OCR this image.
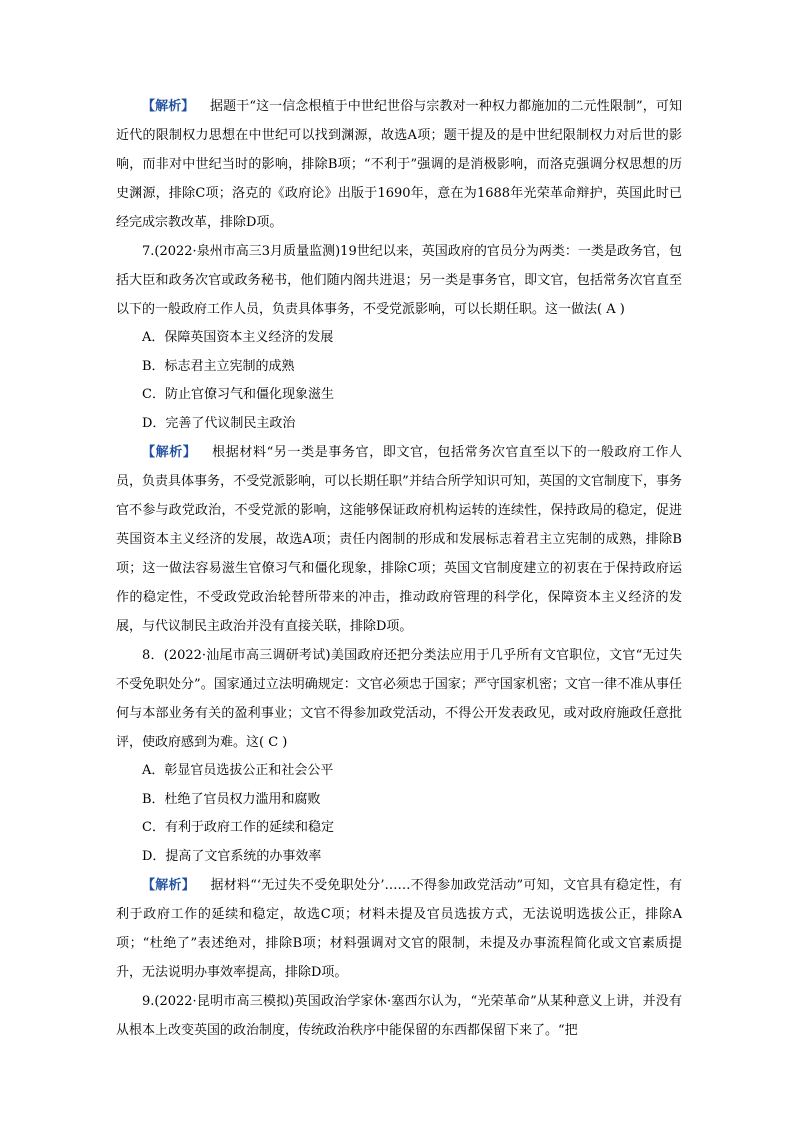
【解析】 据题干“这一信念根植于中世纪世俗与宗教对一种权力都施加的二元性限制”，可知近代的限制权力思想在中世纪可以找到渊源，故选A项；题干提及的是中世纪限制权力对后世的影响，而非对中世纪当时的影响，排除B项；“不利于”强调的是消极影响，而洛克强调分权思想的历史渊源，排除C项；洛克的《政府论》出版于1690年，意在为1688年光荣革命辩护，英国此时已经完成宗教改革，排除D项。

7.(2022·泉州市高三3月质量监测)19世纪以来，英国政府的官员分为两类：一类是政务官，包括大臣和政务次官或政务秘书，他们随内阁共进退；另一类是事务官，即文官，包括常务次官直至以下的一般政府工作人员，负责具体事务，不受党派影响，可以长期任职。这一做法( A )

A．保障英国资本主义经济的发展

B．标志君主立宪制的成熟

C．防止官僚习气和僵化现象滋生

D．完善了代议制民主政治

【解析】 根据材料“另一类是事务官，即文官，包括常务次官直至以下的一般政府工作人员，负责具体事务，不受党派影响，可以长期任职”并结合所学知识可知，英国的文官制度下，事务官不参与政党政治，不受党派的影响，这能够保证政府机构运转的连续性，保持政局的稳定，促进英国资本主义经济的发展，故选A项；责任内阁制的形成和发展标志着君主立宪制的成熟，排除B项；这一做法容易滋生官僚习气和僵化现象，排除C项；英国文官制度建立的初衷在于保持政府运作的稳定性，不受政党政治轮替所带来的冲击，推动政府管理的科学化，保障资本主义经济的发展，与代议制民主政治并没有直接关联，排除D项。

8．(2022·汕尾市高三调研考试)美国政府还把分类法应用于几乎所有文官职位，文官“无过失不受免职处分”。国家通过立法明确规定：文官必须忠于国家；严守国家机密；文官一律不准从事任何与本部业务有关的盈利事业；文官不得参加政党活动，不得公开发表政见，或对政府施政任意批评，使政府感到为难。这( C )

A．彰显官员选拔公正和社会公平

B．杜绝了官员权力滥用和腐败

C．有利于政府工作的延续和稳定

D．提高了文官系统的办事效率

【解析】 据材料“‘无过失不受免职处分’……不得参加政党活动”可知，文官具有稳定性，有利于政府工作的延续和稳定，故选C项；材料未提及官员选拔方式，无法说明选拔公正，排除A项；“杜绝了”表述绝对，排除B项；材料强调对文官的限制，未提及办事流程简化或文官素质提升，无法说明办事效率提高，排除D项。

9.(2022·昆明市高三模拟)英国政治学家休·塞西尔认为，“光荣革命”从某种意义上讲，并没有从根本上改变英国的政治制度，传统政治秩序中能保留的东西都保留下来了。“把
